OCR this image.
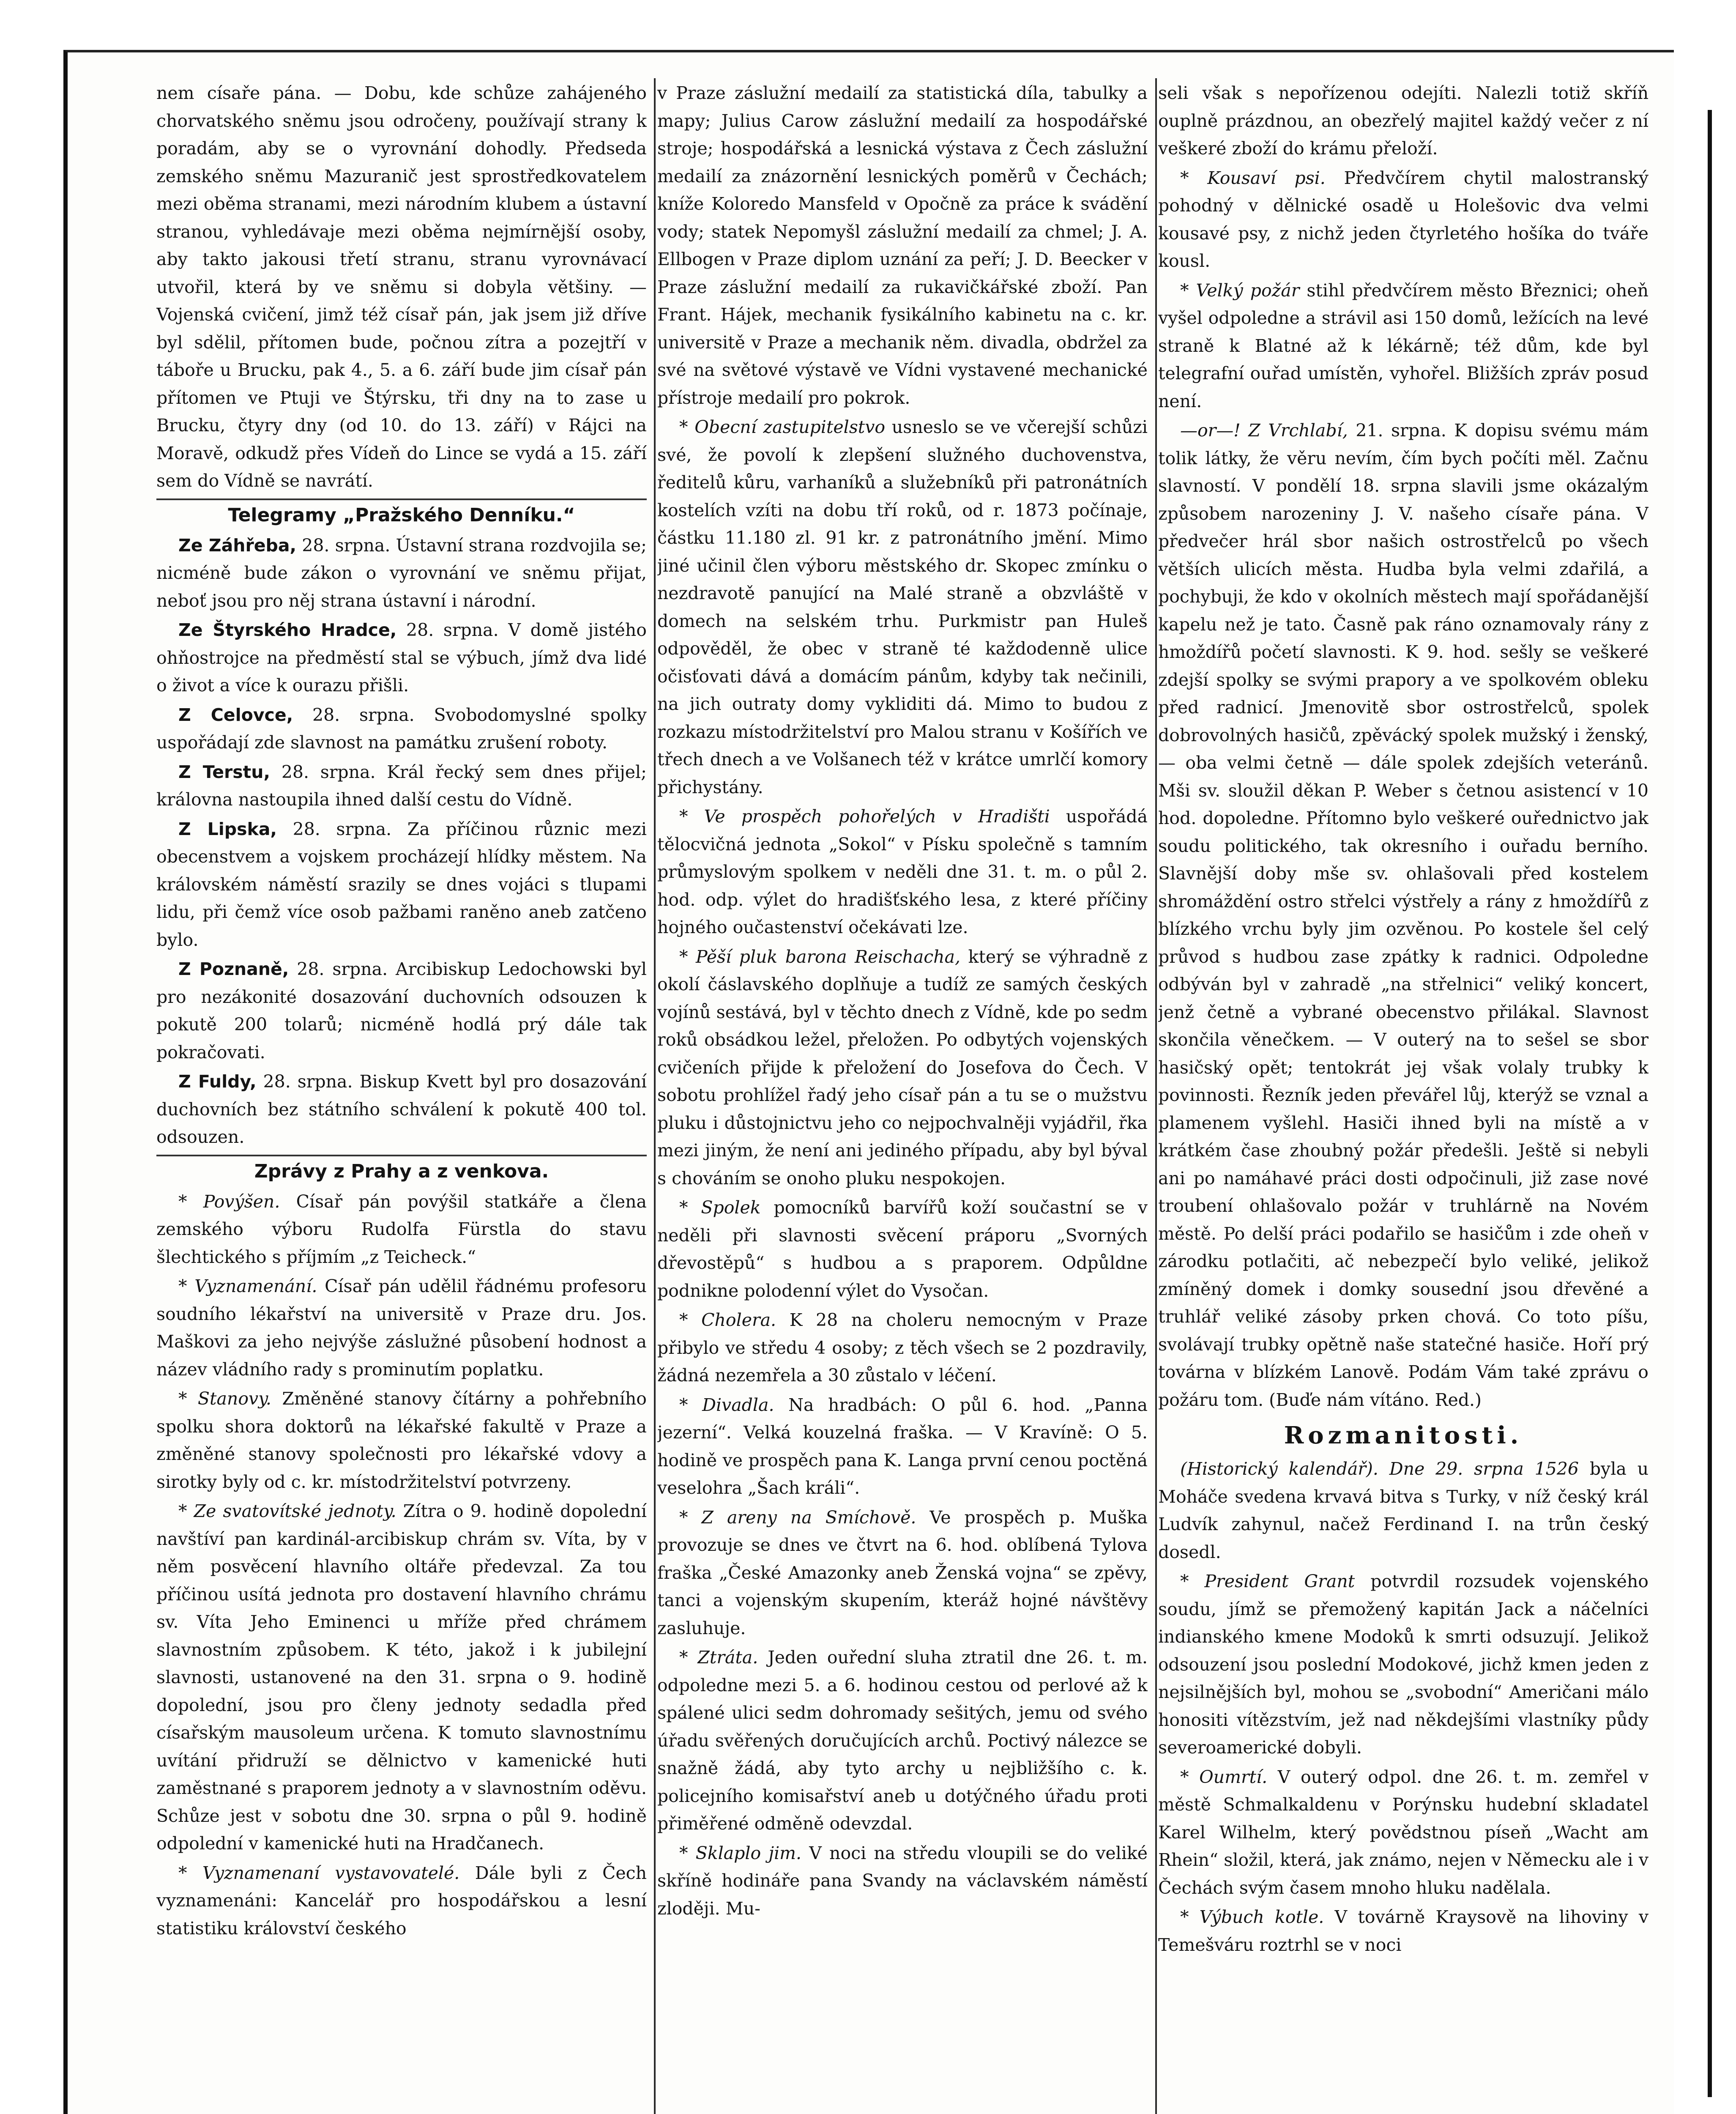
nem císaře pána. — Dobu, kde schůze zahájeného chorvatského sněmu jsou odročeny, používají strany k poradám, aby se o vyrovnání dohodly. Předseda zemského sněmu Mazuranič jest sprostředkovatelem mezi oběma stranami, mezi národním klubem a ústavní stranou, vyhledávaje mezi oběma nejmírnější osoby, aby takto jakousi třetí stranu, stranu vyrovnávací utvořil, která by ve sněmu si dobyla většiny. — Vojenská cvičení, jimž též císař pán, jak jsem již dříve byl sdělil, přítomen bude, počnou zítra a pozejtří v táboře u Brucku, pak 4., 5. a 6. září bude jim císař pán přítomen ve Ptuji ve Štýrsku, tři dny na to zase u Brucku, čtyry dny (od 10. do 13. září) v Rájci na Moravě, odkudž přes Vídeň do Lince se vydá a 15. září sem do Vídně se navrátí.

Telegramy „Pražského Denníku.“

Ze Záhřeba, 28. srpna. Ústavní strana rozdvojila se; nicméně bude zákon o vyrovnání ve sněmu přijat, neboť jsou pro něj strana ústavní i národní.

Ze Štyrského Hradce, 28. srpna. V domě jistého ohňostrojce na předměstí stal se výbuch, jímž dva lidé o život a více k ourazu přišli.

Z Celovce, 28. srpna. Svobodomyslné spolky uspořádají zde slavnost na památku zrušení roboty.

Z Terstu, 28. srpna. Král řecký sem dnes přijel; královna nastoupila ihned další cestu do Vídně.

Z Lipska, 28. srpna. Za příčinou různic mezi obecenstvem a vojskem procházejí hlídky městem. Na královském náměstí srazily se dnes vojáci s tlupami lidu, při čemž více osob pažbami raněno aneb zatčeno bylo.

Z Poznaně, 28. srpna. Arcibiskup Ledochowski byl pro nezákonité dosazování duchovních odsouzen k pokutě 200 tolarů; nicméně hodlá prý dále tak pokračovati.

Z Fuldy, 28. srpna. Biskup Kvett byl pro dosazování duchovních bez státního schválení k pokutě 400 tol. odsouzen.

Zprávy z Prahy a z venkova.

* Povýšen. Císař pán povýšil statkáře a člena zemského výboru Rudolfa Fürstla do stavu šlechtického s příjmím „z Teicheck.“

* Vyznamenání. Císař pán udělil řádnému profesoru soudního lékařství na universitě v Praze dru. Jos. Maškovi za jeho nejvýše záslužné působení hodnost a název vládního rady s prominutím poplatku.

* Stanovy. Změněné stanovy čítárny a pohřebního spolku shora doktorů na lékařské fakultě v Praze a změněné stanovy společnosti pro lékařské vdovy a sirotky byly od c. kr. místodržitelství potvrzeny.

* Ze svatovítské jednoty. Zítra o 9. hodině dopolední navštíví pan kardinál-arcibiskup chrám sv. Víta, by v něm posvěcení hlavního oltáře předevzal. Za tou příčinou usítá jednota pro dostavení hlavního chrámu sv. Víta Jeho Eminenci u mříže před chrámem slavnostním způsobem. K této, jakož i k jubilejní slavnosti, ustanovené na den 31. srpna o 9. hodině dopolední, jsou pro členy jednoty sedadla před císařským mausoleum určena. K tomuto slavnostnímu uvítání přidruží se dělnictvo v kamenické huti zaměstnané s praporem jednoty a v slavnostním oděvu. Schůze jest v sobotu dne 30. srpna o půl 9. hodině odpolední v kamenické huti na Hradčanech.

* Vyznamenaní vystavovatelé. Dále byli z Čech vyznamenáni: Kancelář pro hospodářskou a lesní statistiku království českého

v Praze záslužní medailí za statistická díla, tabulky a mapy; Julius Carow záslužní medailí za hospodářské stroje; hospodářská a lesnická výstava z Čech záslužní medailí za znázornění lesnických poměrů v Čechách; kníže Koloredo Mansfeld v Opočně za práce k svádění vody; statek Nepomyšl záslužní medailí za chmel; J. A. Ellbogen v Praze diplom uznání za peří; J. D. Beecker v Praze záslužní medailí za rukavičkářské zboží. Pan Frant. Hájek, mechanik fysikálního kabinetu na c. kr. universitě v Praze a mechanik něm. divadla, obdržel za své na světové výstavě ve Vídni vystavené mechanické přístroje medailí pro pokrok.

* Obecní zastupitelstvo usneslo se ve včerejší schůzi své, že povolí k zlepšení služného duchovenstva, ředitelů kůru, varhaníků a služebníků při patronátních kostelích vzíti na dobu tří roků, od r. 1873 počínaje, částku 11.180 zl. 91 kr. z patronátního jmění. Mimo jiné učinil člen výboru městského dr. Skopec zmínku o nezdravotě panující na Malé straně a obzvláště v domech na selském trhu. Purkmistr pan Huleš odpověděl, že obec v straně té každodenně ulice očisťovati dává a domácím pánům, kdyby tak nečinili, na jich outraty domy vykliditi dá. Mimo to budou z rozkazu místodržitelství pro Malou stranu v Košířích ve třech dnech a ve Volšanech též v krátce umrlčí komory přichystány.

* Ve prospěch pohořelých v Hradišti uspořádá tělocvičná jednota „Sokol“ v Písku společně s tamním průmyslovým spolkem v neděli dne 31. t. m. o půl 2. hod. odp. výlet do hradišťského lesa, z které příčiny hojného oučastenství očekávati lze.

* Pěší pluk barona Reischacha, který se výhradně z okolí čáslavského doplňuje a tudíž ze samých českých vojínů sestává, byl v těchto dnech z Vídně, kde po sedm roků obsádkou ležel, přeložen. Po odbytých vojenských cvičeních přijde k přeložení do Josefova do Čech. V sobotu prohlížel řadý jeho císař pán a tu se o mužstvu pluku i důstojnictvu jeho co nejpochvalněji vyjádřil, řka mezi jiným, že není ani jediného případu, aby byl býval s chováním se onoho pluku nespokojen.

* Spolek pomocníků barvířů koží součastní se v neděli při slavnosti svěcení práporu „Svorných dřevostěpů“ s hudbou a s praporem. Odpůldne podnikne polodenní výlet do Vysočan.

* Cholera. K 28 na choleru nemocným v Praze přibylo ve středu 4 osoby; z těch všech se 2 pozdravily, žádná nezemřela a 30 zůstalo v léčení.

* Divadla. Na hradbách: O půl 6. hod. „Panna jezerní“. Velká kouzelná fraška. — V Kravíně: O 5. hodině ve prospěch pana K. Langa první cenou poctěná veselohra „Šach králi“.

* Z areny na Smíchově. Ve prospěch p. Muška provozuje se dnes ve čtvrt na 6. hod. oblíbená Tylova fraška „České Amazonky aneb Ženská vojna“ se zpěvy, tanci a vojenským skupením, kteráž hojné návštěvy zasluhuje.

* Ztráta. Jeden ouřední sluha ztratil dne 26. t. m. odpoledne mezi 5. a 6. hodinou cestou od perlové až k spálené ulici sedm dohromady sešitých, jemu od svého úřadu svěřených doručujících archů. Poctivý nálezce se snažně žádá, aby tyto archy u nejbližšího c. k. policejního komisařství aneb u dotýčného úřadu proti přiměřené odměně odevzdal.

* Sklaplo jim. V noci na středu vloupili se do veliké skříně hodináře pana Svandy na václavském náměstí zloději. Mu-

seli však s nepořízenou odejíti. Nalezli totiž skříň ouplně prázdnou, an obezřelý majitel každý večer z ní veškeré zboží do krámu přeloží.

* Kousaví psi. Předvčírem chytil malostranský pohodný v dělnické osadě u Holešovic dva velmi kousavé psy, z nichž jeden čtyrletého hošíka do tváře kousl.

* Velký požár stihl předvčírem město Březnici; oheň vyšel odpoledne a strávil asi 150 domů, ležících na levé straně k Blatné až k lékárně; též dům, kde byl telegrafní ouřad umístěn, vyhořel. Bližších zpráv posud není.

—or—! Z Vrchlabí, 21. srpna. K dopisu svému mám tolik látky, že věru nevím, čím bych počíti měl. Začnu slavností. V pondělí 18. srpna slavili jsme okázalým způsobem narozeniny J. V. našeho císaře pána. V předvečer hrál sbor našich ostrostřelců po všech větších ulicích města. Hudba byla velmi zdařilá, a pochybuji, že kdo v okolních městech mají spořádanější kapelu než je tato. Časně pak ráno oznamovaly rány z hmoždířů početí slavnosti. K 9. hod. sešly se veškeré zdejší spolky se svými prapory a ve spolkovém obleku před radnicí. Jmenovitě sbor ostrostřelců, spolek dobrovolných hasičů, zpěvácký spolek mužský i ženský, — oba velmi četně — dále spolek zdejších veteránů. Mši sv. sloužil děkan P. Weber s četnou asistencí v 10 hod. dopoledne. Přítomno bylo veškeré ouřednictvo jak soudu politického, tak okresního i ouřadu berního. Slavnější doby mše sv. ohlašovali před kostelem shromáždění ostro střelci výstřely a rány z hmoždířů z blízkého vrchu byly jim ozvěnou. Po kostele šel celý průvod s hudbou zase zpátky k radnici. Odpoledne odbýván byl v zahradě „na střelnici“ veliký koncert, jenž četně a vybrané obecenstvo přilákal. Slavnost skončila věnečkem. — V outerý na to sešel se sbor hasičský opět; tentokrát jej však volaly trubky k povinnosti. Řezník jeden převářel lůj, kterýž se vznal a plamenem vyšlehl. Hasiči ihned byli na místě a v krátkém čase zhoubný požár předešli. Ještě si nebyli ani po namáhavé práci dosti odpočinuli, již zase nové troubení ohlašovalo požár v truhlárně na Novém městě. Po delší práci podařilo se hasičům i zde oheň v zárodku potlačiti, ač nebezpečí bylo veliké, jelikož zmíněný domek i domky sousední jsou dřevěné a truhlář veliké zásoby prken chová. Co toto píšu, svolávají trubky opětně naše statečné hasiče. Hoří prý továrna v blízkém Lanově. Podám Vám také zprávu o požáru tom. (Buďe nám vítáno. Red.)

Rozmanitosti.

(Historický kalendář). Dne 29. srpna 1526 byla u Moháče svedena krvavá bitva s Turky, v níž český král Ludvík zahynul, načež Ferdinand I. na trůn český dosedl.

* President Grant potvrdil rozsudek vojenského soudu, jímž se přemožený kapitán Jack a náčelníci indianského kmene Modoků k smrti odsuzují. Jelikož odsouzení jsou poslední Modokové, jichž kmen jeden z nejsilnějších byl, mohou se „svobodní“ Američani málo honositi vítězstvím, jež nad někdejšími vlastníky půdy severoamerické dobyli.

* Oumrtí. V outerý odpol. dne 26. t. m. zemřel v městě Schmalkaldenu v Porýnsku hudební skladatel Karel Wilhelm, který povědstnou píseň „Wacht am Rhein“ složil, která, jak známo, nejen v Německu ale i v Čechách svým časem mnoho hluku nadělala.

* Výbuch kotle. V továrně Kraysově na lihoviny v Temešváru roztrhl se v noci
